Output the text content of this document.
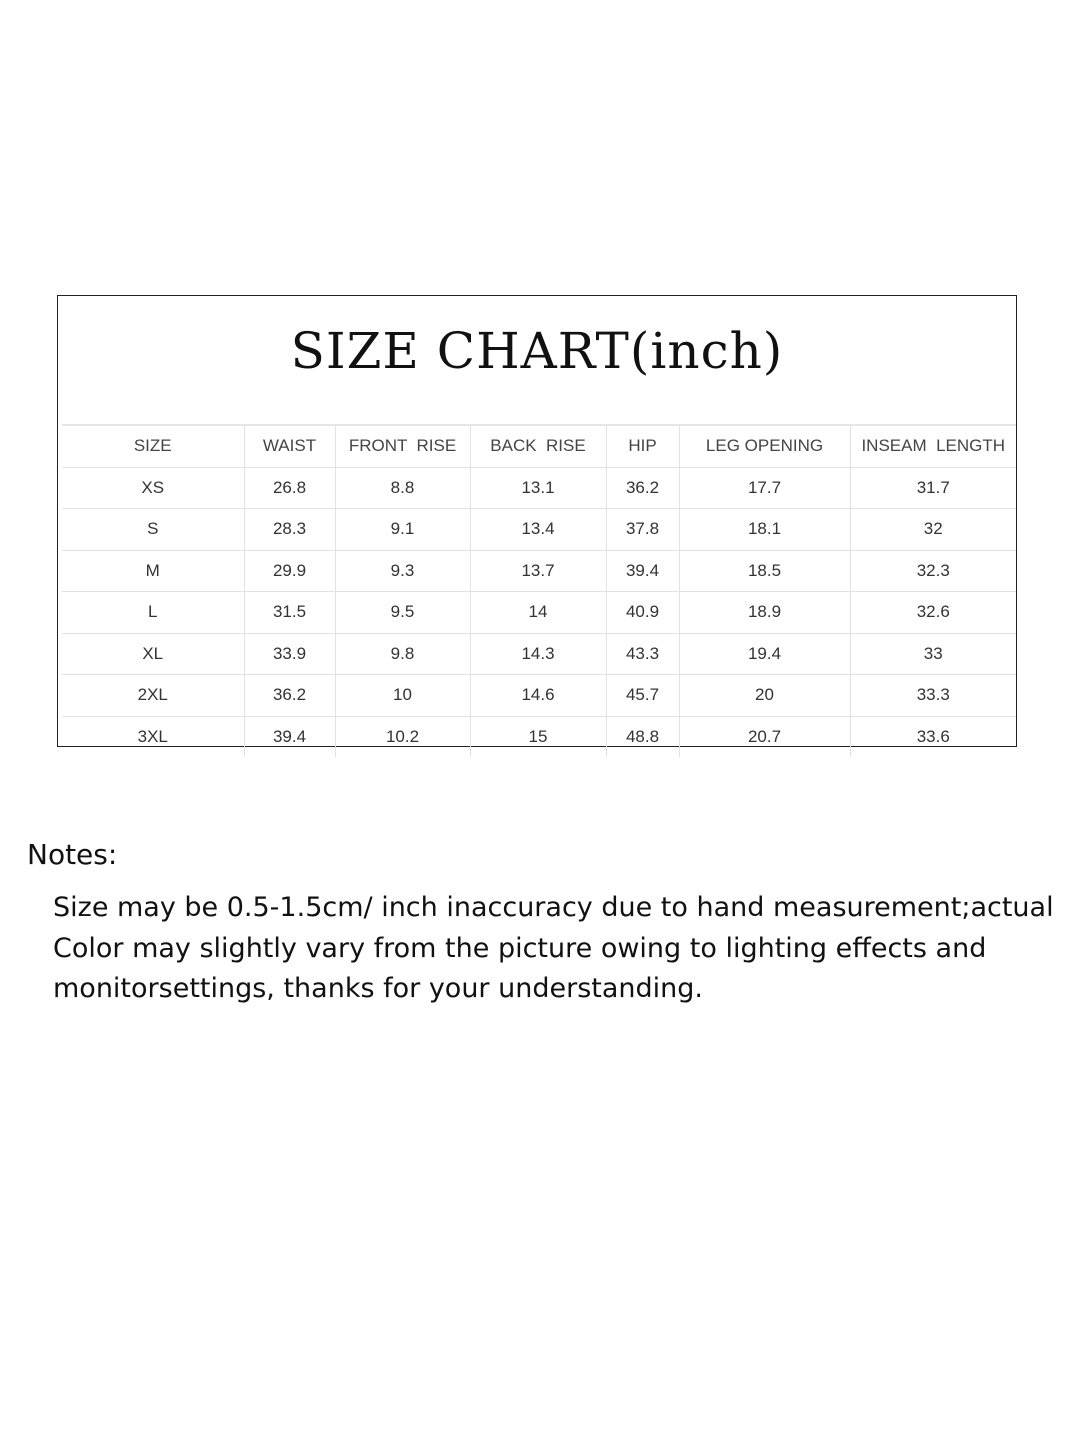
SIZE CHART(inch)
SIZE	WAIST	FRONT  RISE	BACK  RISE	HIP	LEG OPENING	INSEAM  LENGTH
XS	26.8	8.8	13.1	36.2	17.7	31.7
S	28.3	9.1	13.4	37.8	18.1	32
M	29.9	9.3	13.7	39.4	18.5	32.3
L	31.5	9.5	14	40.9	18.9	32.6
XL	33.9	9.8	14.3	43.3	19.4	33
2XL	36.2	10	14.6	45.7	20	33.3
3XL	39.4	10.2	15	48.8	20.7	33.6
Notes:
Size may be 0.5-1.5cm/ inch inaccuracy due to hand measurement;actual
Color may slightly vary from the picture owing to lighting effects and
monitorsettings, thanks for your understanding.
